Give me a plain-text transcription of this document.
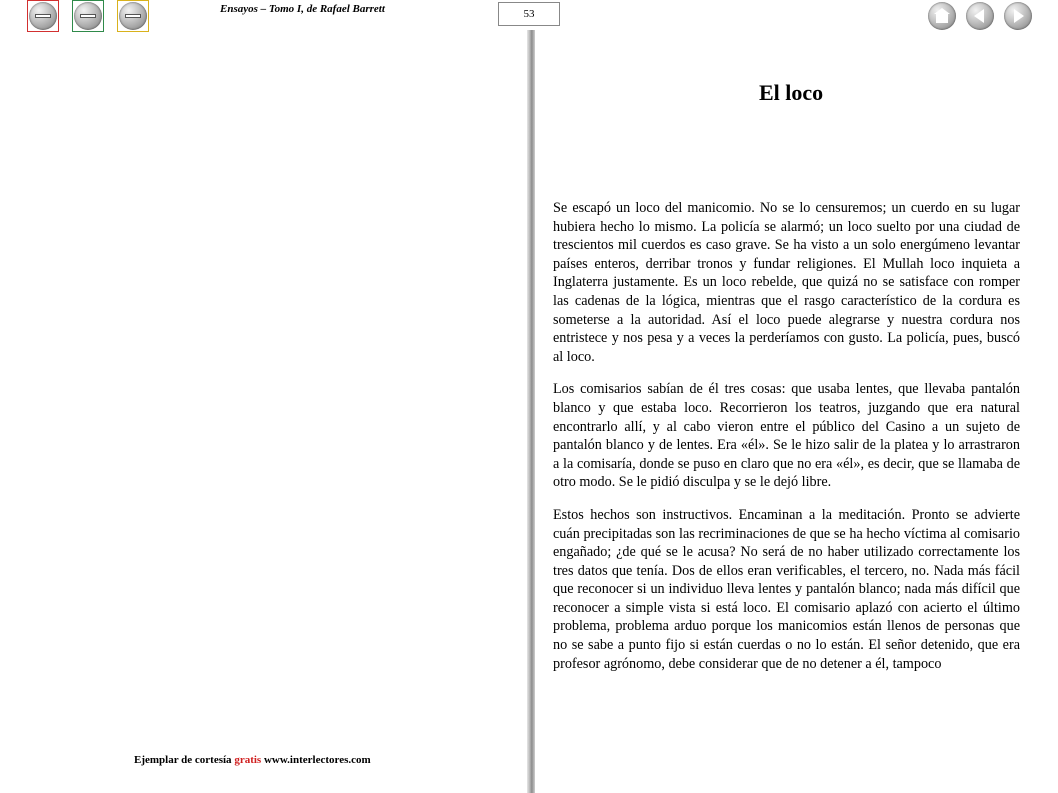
Ensayos – Tomo I, de Rafael Barrett	53
El loco

Se escapó un loco del manicomio. No se lo censuremos; un cuerdo en su lugar hubiera hecho lo mismo. La policía se alarmó; un loco suelto por una ciudad de trescientos mil cuerdos es caso grave. Se ha visto a un solo energúmeno levantar países enteros, derribar tronos y fundar religiones. El Mullah loco inquieta a Inglaterra justamente. Es un loco rebelde, que quizá no se satisface con romper las cadenas de la lógica, mientras que el rasgo característico de la cordura es someterse a la autoridad. Así el loco puede alegrarse y nuestra cordura nos entristece y nos pesa y a veces la perderíamos con gusto. La policía, pues, buscó al loco.

Los comisarios sabían de él tres cosas: que usaba lentes, que llevaba pantalón blanco y que estaba loco. Recorrieron los teatros, juzgando que era natural encontrarlo allí, y al cabo vieron entre el público del Casino a un sujeto de pantalón blanco y de lentes. Era «él». Se le hizo salir de la platea y lo arrastraron a la comisaría, donde se puso en claro que no era «él», es decir, que se llamaba de otro modo. Se le pidió disculpa y se le dejó libre.

Estos hechos son instructivos. Encaminan a la meditación. Pronto se advierte cuán precipitadas son las recriminaciones de que se ha hecho víctima al comisario engañado; ¿de qué se le acusa? No será de no haber utilizado correctamente los tres datos que tenía. Dos de ellos eran verificables, el tercero, no. Nada más fácil que reconocer si un individuo lleva lentes y pantalón blanco; nada más difícil que reconocer a simple vista si está loco. El comisario aplazó con acierto el último problema, problema arduo porque los manicomios están llenos de personas que no se sabe a punto fijo si están cuerdas o no lo están. El señor detenido, que era profesor agrónomo, debe considerar que de no detener a él, tampoco

Ejemplar de cortesía gratis www.interlectores.com
